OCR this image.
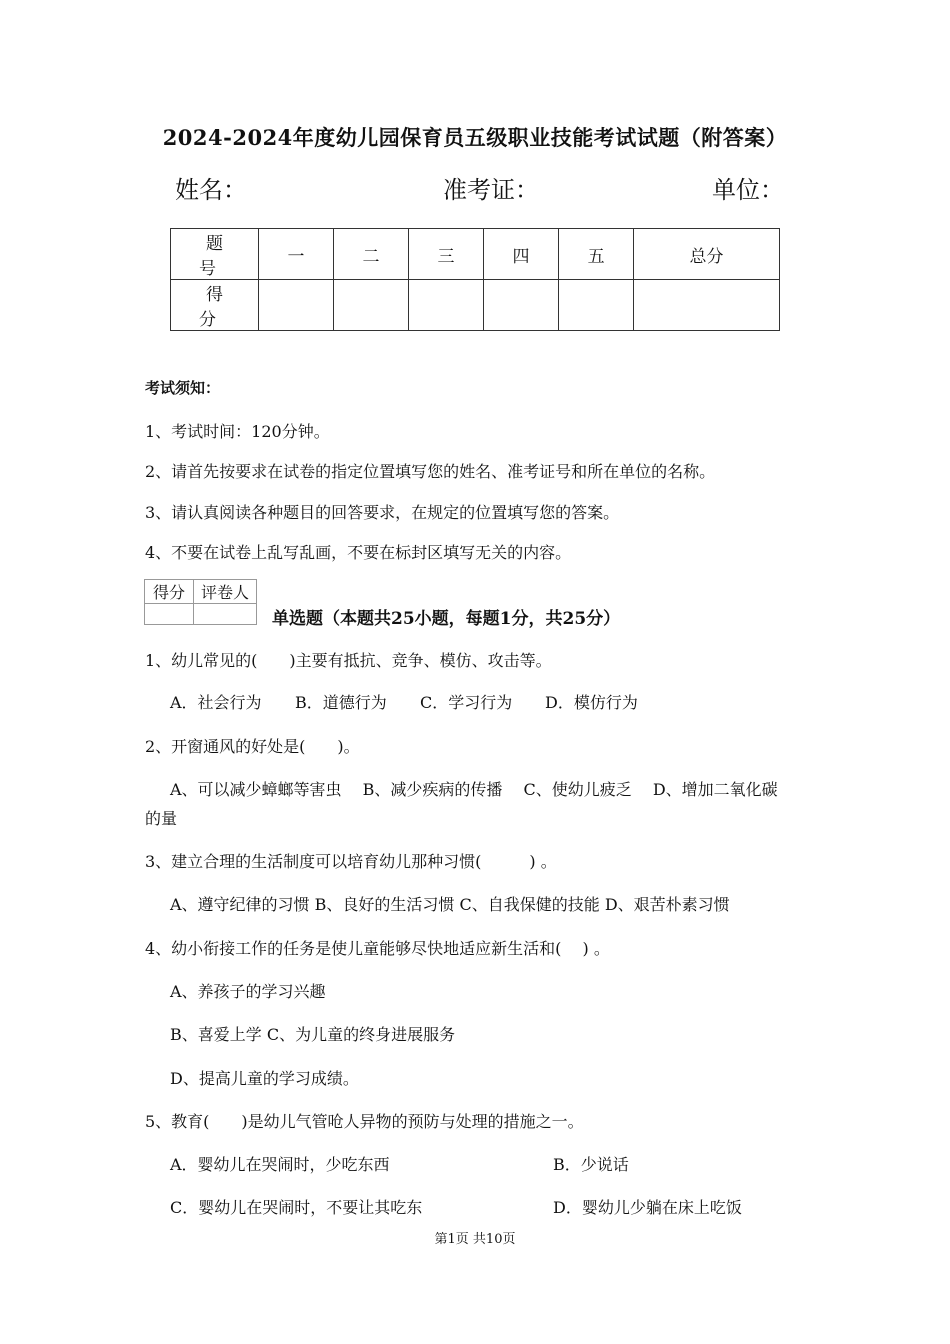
2024-2024年度幼儿园保育员五级职业技能考试试题（附答案）
姓名：	准考证：	单位：
题　号	一	二	三	四	五	总分
得　分						
考试须知：
1、考试时间：120分钟。
2、请首先按要求在试卷的指定位置填写您的姓名、准考证号和所在单位的名称。
3、请认真阅读各种题目的回答要求，在规定的位置填写您的答案。
4、不要在试卷上乱写乱画，不要在标封区填写无关的内容。
得分	评卷人

单选题（本题共25小题，每题1分，共25分）
1、幼儿常见的(　　)主要有抵抗、竞争、模仿、攻击等。
A．社会行为 B．道德行为 C．学习行为 D．模仿行为
2、开窗通风的好处是(　　)。
A、可以减少蟑螂等害虫　 B、减少疾病的传播　 C、使幼儿疲乏　 D、增加二氧化碳
的量
3、建立合理的生活制度可以培育幼儿那种习惯(　　　) 。
A、遵守纪律的习惯 B、良好的生活习惯 C、自我保健的技能 D、艰苦朴素习惯
4、幼小衔接工作的任务是使儿童能够尽快地适应新生活和(　 ) 。
A、养孩子的学习兴趣
B、喜爱上学 C、为儿童的终身进展服务
D、提高儿童的学习成绩。
5、教育(　　)是幼儿气管呛人异物的预防与处理的措施之一。
A．婴幼儿在哭闹时，少吃东西	B．少说话
C．婴幼儿在哭闹时，不要让其吃东	D．婴幼儿少躺在床上吃饭
第1页 共10页
